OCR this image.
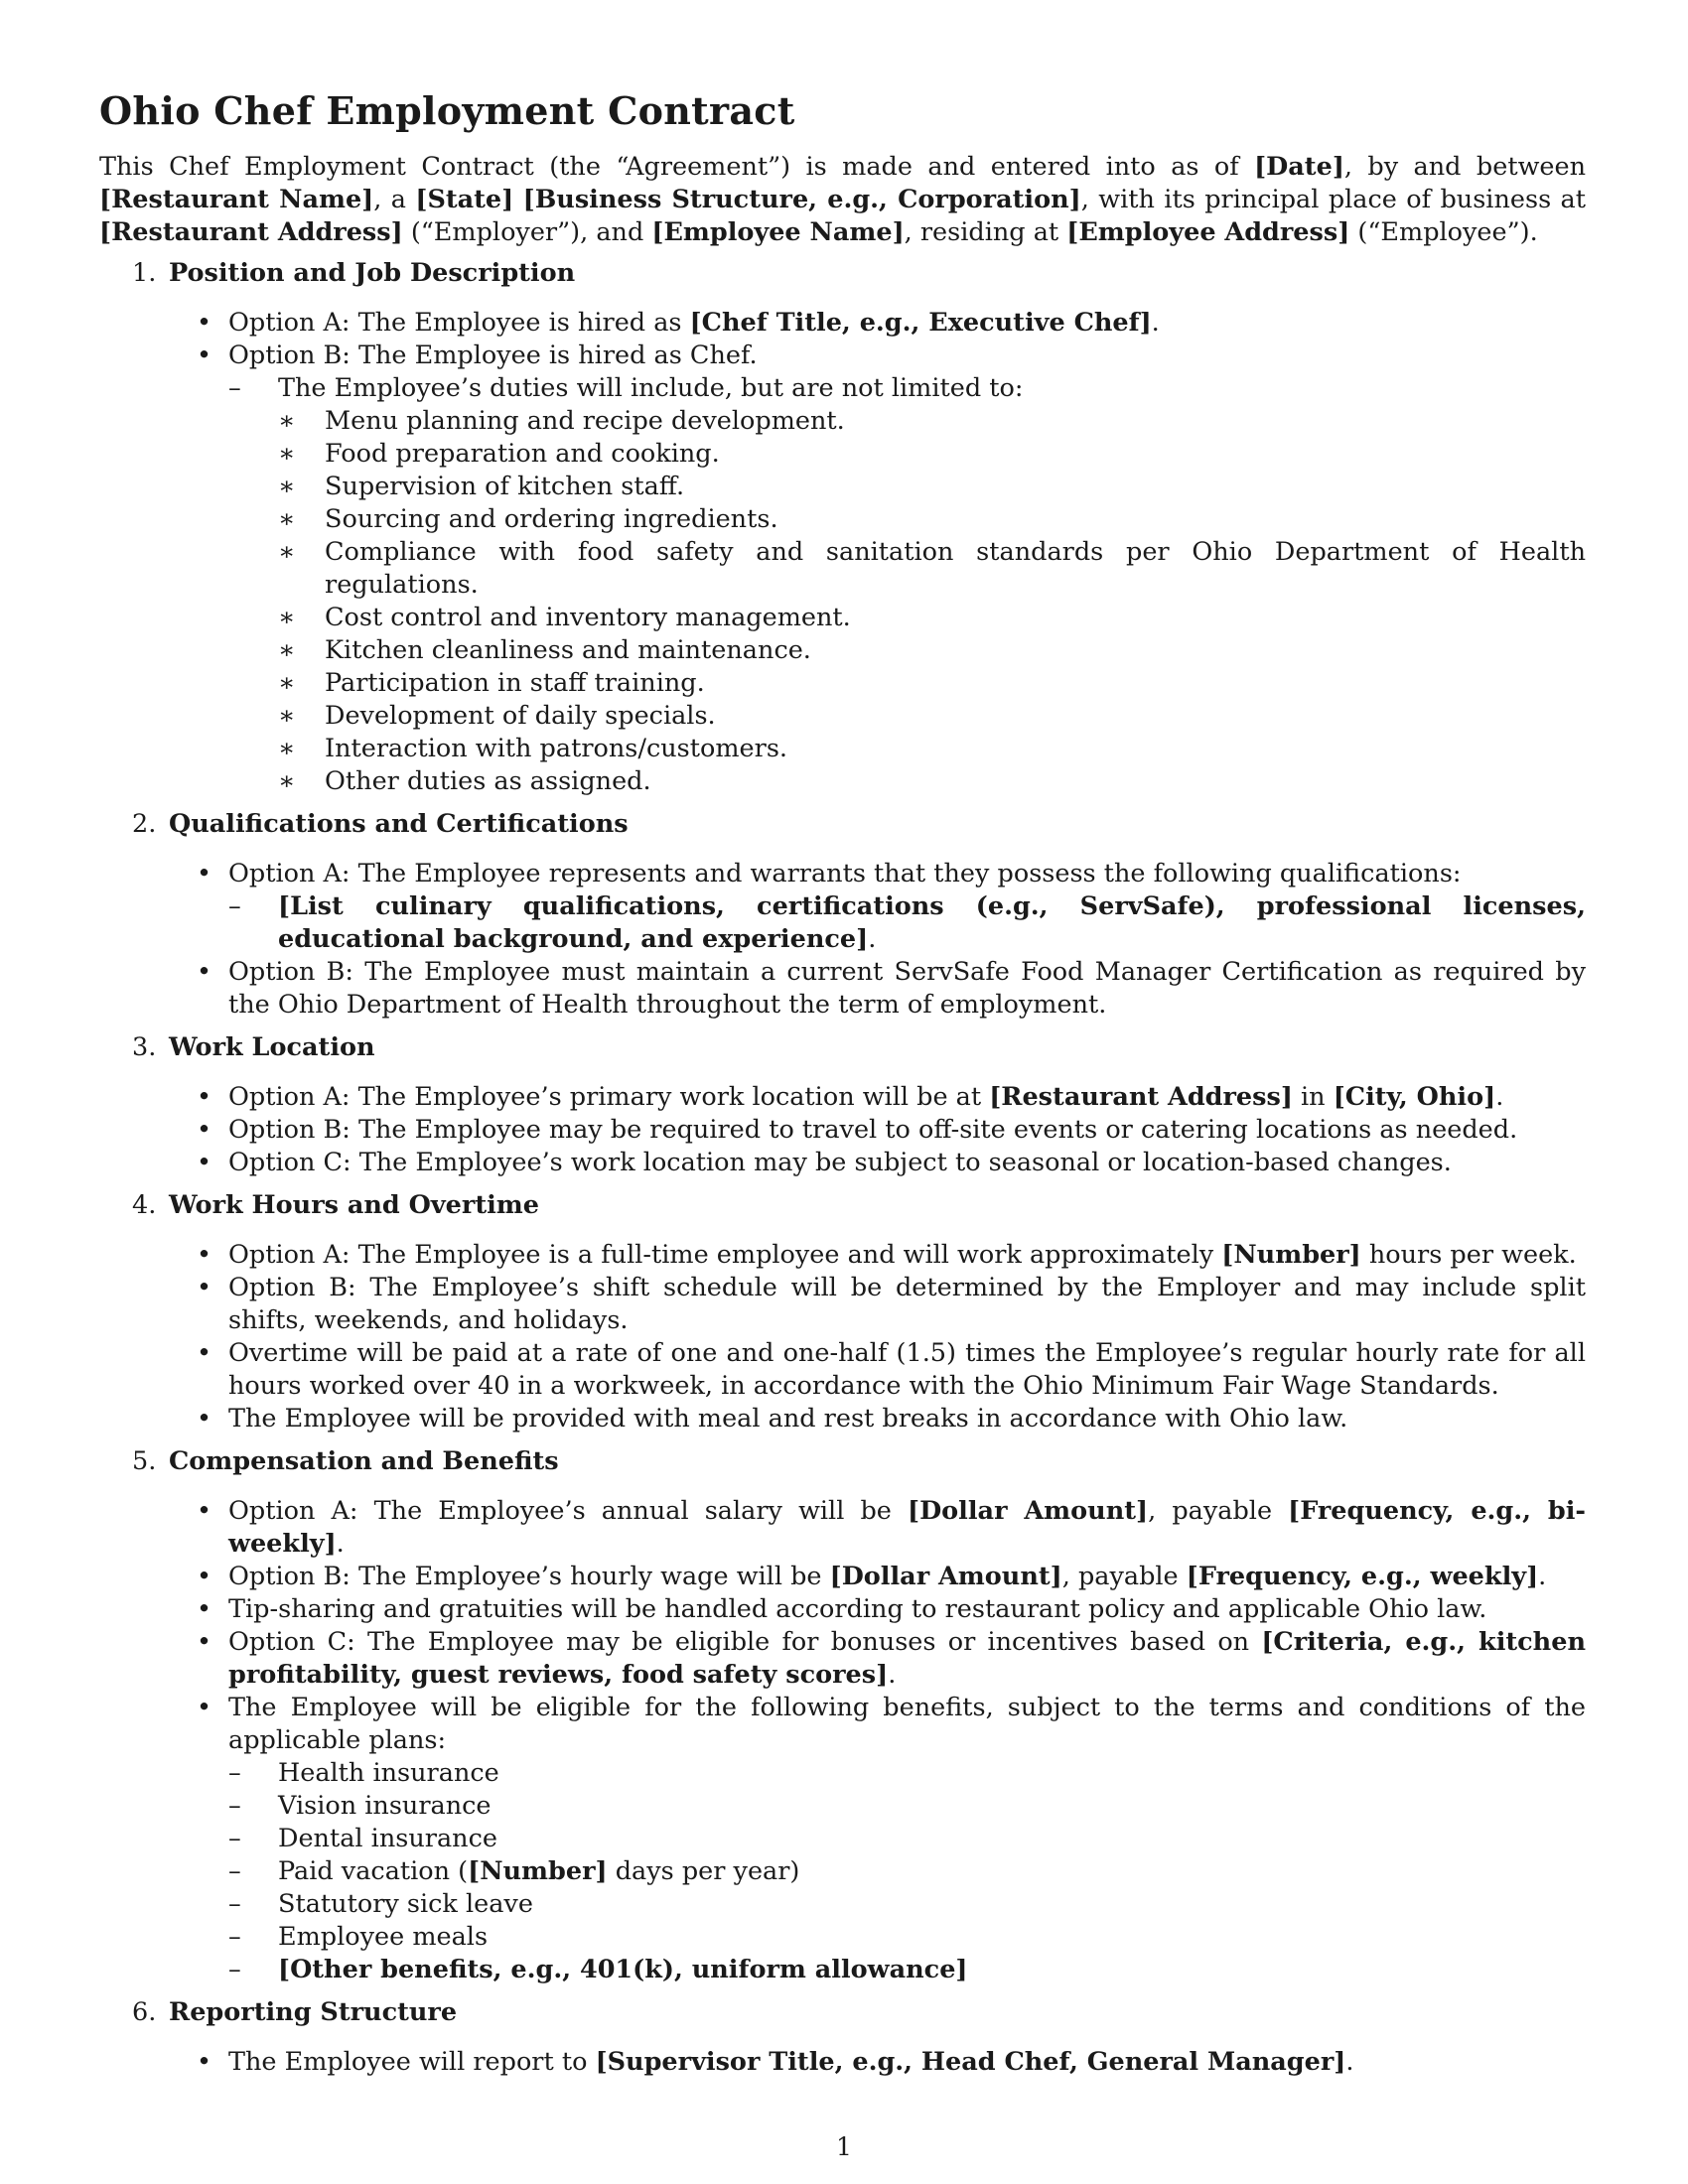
Ohio Chef Employment Contract

This Chef Employment Contract (the “Agreement”) is made and entered into as of [Date], by and between [Restaurant Name], a [State] [Business Structure, e.g., Corporation], with its principal place of business at [Restaurant Address] (“Employer”), and [Employee Name], residing at [Employee Address] (“Employee”).

1. Position and Job Description
• Option A: The Employee is hired as [Chef Title, e.g., Executive Chef].
• Option B: The Employee is hired as Chef.
– The Employee’s duties will include, but are not limited to:
∗ Menu planning and recipe development.
∗ Food preparation and cooking.
∗ Supervision of kitchen staff.
∗ Sourcing and ordering ingredients.
∗ Compliance with food safety and sanitation standards per Ohio Department of Health regulations.
∗ Cost control and inventory management.
∗ Kitchen cleanliness and maintenance.
∗ Participation in staff training.
∗ Development of daily specials.
∗ Interaction with patrons/customers.
∗ Other duties as assigned.
2. Qualifications and Certifications
• Option A: The Employee represents and warrants that they possess the following qualifications:
– [List culinary qualifications, certifications (e.g., ServSafe), professional licenses, educational background, and experience].
• Option B: The Employee must maintain a current ServSafe Food Manager Certification as required by the Ohio Department of Health throughout the term of employment.
3. Work Location
• Option A: The Employee’s primary work location will be at [Restaurant Address] in [City, Ohio].
• Option B: The Employee may be required to travel to off-site events or catering locations as needed.
• Option C: The Employee’s work location may be subject to seasonal or location-based changes.
4. Work Hours and Overtime
• Option A: The Employee is a full-time employee and will work approximately [Number] hours per week.
• Option B: The Employee’s shift schedule will be determined by the Employer and may include split shifts, weekends, and holidays.
• Overtime will be paid at a rate of one and one-half (1.5) times the Employee’s regular hourly rate for all hours worked over 40 in a workweek, in accordance with the Ohio Minimum Fair Wage Standards.
• The Employee will be provided with meal and rest breaks in accordance with Ohio law.
5. Compensation and Benefits
• Option A: The Employee’s annual salary will be [Dollar Amount], payable [Frequency, e.g., bi-weekly].
• Option B: The Employee’s hourly wage will be [Dollar Amount], payable [Frequency, e.g., weekly].
• Tip-sharing and gratuities will be handled according to restaurant policy and applicable Ohio law.
• Option C: The Employee may be eligible for bonuses or incentives based on [Criteria, e.g., kitchen profitability, guest reviews, food safety scores].
• The Employee will be eligible for the following benefits, subject to the terms and conditions of the applicable plans:
– Health insurance
– Vision insurance
– Dental insurance
– Paid vacation ([Number] days per year)
– Statutory sick leave
– Employee meals
– [Other benefits, e.g., 401(k), uniform allowance]
6. Reporting Structure
• The Employee will report to [Supervisor Title, e.g., Head Chef, General Manager].
1
